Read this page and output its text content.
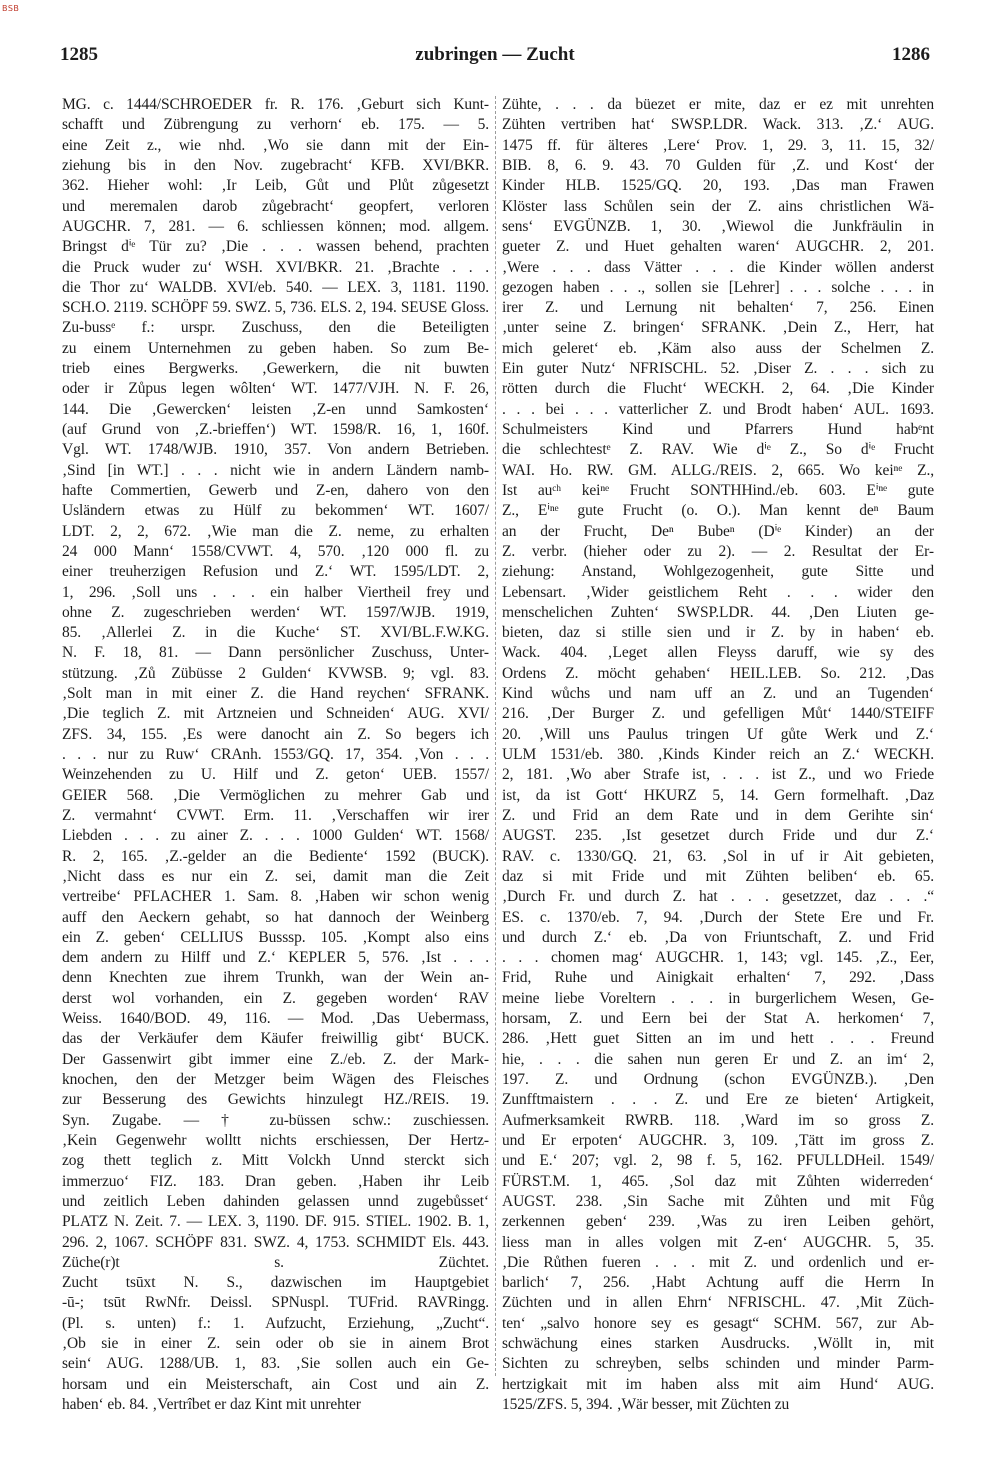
BSB
1285	zubringen — Zucht	1286
MG. c. 1444/SCHROEDER fr. R. 176. ‚Geburt sich Kunt-
schafft und Zübrengung zu verhorn‘ eb. 175. — 5.
eine Zeit z., wie nhd. ‚Wo sie dann mit der Ein-
ziehung bis in den Nov. zugebracht‘ KFB. XVI/BKR.
362. Hieher wohl: ‚Ir Leib, Gůt und Plůt zůgesetzt
und meremalen darob zůgebracht‘ geopfert, verloren
AUGCHR. 7, 281. — 6. schliessen können; mod. allgem.
Bringst dⁱᵉ Tür zu? ‚Die . . . wassen behend, prachten
die Pruck wuder zu‘ WSH. XVI/BKR. 21. ‚Brachte . . .
die Thor zu‘ WALDB. XVI/eb. 540. — LEX. 3, 1181. 1190.
SCH.O. 2119. SCHÖPF 59. SWZ. 5, 736. ELS. 2, 194. SEUSE Gloss.
Zu-bussᵉ f.: urspr. Zuschuss, den die Beteiligten
zu einem Unternehmen zu geben haben. So zum Be-
trieb eines Bergwerks. ‚Gewerkern, die nit buwten
oder ir Zůpus legen wôlten‘ WT. 1477/VJH. N. F. 26,
144. Die ‚Gewercken‘ leisten ‚Z-en unnd Samkosten‘
(auf Grund von ‚Z.-brieffen‘) WT. 1598/R. 16, 1, 160f.
Vgl. WT. 1748/WJB. 1910, 357. Von andern Betrieben.
‚Sind [in WT.] . . . nicht wie in andern Ländern namb-
hafte Commertien, Gewerb und Z-en, dahero von den
Usländern etwas zu Hülf zu bekommen‘ WT. 1607/
LDT. 2, 2, 672. ‚Wie man die Z. neme, zu erhalten
24 000 Mann‘ 1558/CVWT. 4, 570. ‚120 000 fl. zu
einer treuherzigen Refusion und Z.‘ WT. 1595/LDT. 2,
1, 296. ‚Soll uns . . . ein halber Viertheil frey und
ohne Z. zugeschrieben werden‘ WT. 1597/WJB. 1919,
85. ‚Allerlei Z. in die Kuche‘ ST. XVI/BL.F.W.KG.
N. F. 18, 81. — Dann persönlicher Zuschuss, Unter-
stützung. ‚Zů Zübüsse 2 Gulden‘ KVWSB. 9; vgl. 83.
‚Solt man in mit einer Z. die Hand reychen‘ SFRANK.
‚Die teglich Z. mit Artzneien und Schneiden‘ AUG. XVI/
ZFS. 34, 155. ‚Es were danocht ain Z. So begers ich
. . . nur zu Ruw‘ CRAnh. 1553/GQ. 17, 354. ‚Von . . .
Weinzehenden zu U. Hilf und Z. geton‘ UEB. 1557/
GEIER 568. ‚Die Vermöglichen zu mehrer Gab und
Z. vermahnt‘ CVWT. Erm. 11. ‚Verschaffen wir irer
Liebden . . . zu ainer Z. . . . 1000 Gulden‘ WT. 1568/
R. 2, 165. ‚Z.-gelder an die Bediente‘ 1592 (BUCK).
‚Nicht dass es nur ein Z. sei, damit man die Zeit
vertreibe‘ PFLACHER 1. Sam. 8. ‚Haben wir schon wenig
auff den Aeckern gehabt, so hat dannoch der Weinberg
ein Z. geben‘ CELLIUS Busssp. 105. ‚Kompt also eins
dem andern zu Hilff und Z.‘ KEPLER 5, 576. ‚Ist . . .
denn Knechten zue ihrem Trunkh, wan der Wein an-
derst wol vorhanden, ein Z. gegeben worden‘ RAV
Weiss. 1640/BOD. 49, 116. — Mod. ‚Das Uebermass,
das der Verkäufer dem Käufer freiwillig gibt‘ BUCK.
Der Gassenwirt gibt immer eine Z./eb. Z. der Mark-
knochen, den der Metzger beim Wägen des Fleisches
zur Besserung des Gewichts hinzulegt HZ./REIS. 19.
Syn. Zugabe. — † zu-büssen schw.: zuschiessen.
‚Kein Gegenwehr wolltt nichts erschiessen, Der Hertz-
zog thett teglich z. Mitt Volckh Unnd sterckt sich
immerzuo‘ FIZ. 183. Dran geben. ‚Haben ihr Leib
und zeitlich Leben dahinden gelassen unnd zugebůsset‘
PLATZ N. Zeit. 7. — LEX. 3, 1190. DF. 915. STIEL. 1902. B. 1,
296. 2, 1067. SCHÖPF 831. SWZ. 4, 1753. SCHMIDT Els. 443.
Züche(r)t s. Züchtet.
Zucht tsūxt N. S., dazwischen im Hauptgebiet
-ū-; tsūt RwNfr. Deissl. SPNuspl. TUFrid. RAVRingg.
(Pl. s. unten) f.: 1. Aufzucht, Erziehung, „Zucht“.
‚Ob sie in einer Z. sein oder ob sie in ainem Brot
sein‘ AUG. 1288/UB. 1, 83. ‚Sie sollen auch ein Ge-
horsam und ein Meisterschaft, ain Cost und ain Z.
haben‘ eb. 84. ‚Vertrîbet er daz Kint mit unrehter
Zühte, . . . da büezet er mite, daz er ez mit unrehten
Zühten vertriben hat‘ SWSP.LDR. Wack. 313. ‚Z.‘ AUG.
1475 ff. für älteres ‚Lere‘ Prov. 1, 29. 3, 11. 15, 32/
BIB. 8, 6. 9. 43. 70 Gulden für ‚Z. und Kost‘ der
Kinder HLB. 1525/GQ. 20, 193. ‚Das man Frawen
Klöster lass Schůlen sein der Z. ains christlichen Wä-
sens‘ EVGÜNZB. 1, 30. ‚Wiewol die Junkfräulin in
gueter Z. und Huet gehalten waren‘ AUGCHR. 2, 201.
‚Were . . . dass Vätter . . . die Kinder wöllen anderst
gezogen haben . . ., sollen sie [Lehrer] . . . solche . . . in
irer Z. und Lernung nit behalten‘ 7, 256. Einen
‚unter seine Z. bringen‘ SFRANK. ‚Dein Z., Herr, hat
mich geleret‘ eb. ‚Käm also auss der Schelmen Z.
Ein guter Nutz‘ NFRISCHL. 52. ‚Diser Z. . . . sich zu
rötten durch die Flucht‘ WECKH. 2, 64. ‚Die Kinder
. . . bei . . . vatterlicher Z. und Brodt haben‘ AUL. 1693.
Schulmeisters Kind und Pfarrers Hund habᵉnt
die schlechtestᵉ Z. RAV. Wie dⁱᵉ Z., So dⁱᵉ Frucht
WAI. Ho. RW. GM. ALLG./REIS. 2, 665. Wo keiⁿᵉ Z.,
Ist auᶜʰ keiⁿᵉ Frucht SONTHHind./eb. 603. Eⁱⁿᵉ gute
Z., Eⁱⁿᵉ gute Frucht (o. O.). Man kennt deⁿ Baum
an der Frucht, Deⁿ Bubeⁿ (Dⁱᵉ Kinder) an der
Z. verbr. (hieher oder zu 2). — 2. Resultat der Er-
ziehung: Anstand, Wohlgezogenheit, gute Sitte und
Lebensart. ‚Wider geistlichem Reht . . . wider den
menschelichen Zuhten‘ SWSP.LDR. 44. ‚Den Liuten ge-
bieten, daz si stille sien und ir Z. by in haben‘ eb.
Wack. 404. ‚Leget allen Fleyss daruff, wie sy des
Ordens Z. möcht gehaben‘ HEIL.LEB. So. 212. ‚Das
Kind wůchs und nam uff an Z. und an Tugenden‘
216. ‚Der Burger Z. und gefelligen Můt‘ 1440/STEIFF
20. ‚Will uns Paulus tringen Uf gůte Werk und Z.‘
ULM 1531/eb. 380. ‚Kinds Kinder reich an Z.‘ WECKH.
2, 181. ‚Wo aber Strafe ist, . . . ist Z., und wo Friede
ist, da ist Gott‘ HKURZ 5, 14. Gern formelhaft. ‚Daz
Z. und Frid an dem Rate und in dem Gerihte sin‘
AUGST. 235. ‚Ist gesetzet durch Fride und dur Z.‘
RAV. c. 1330/GQ. 21, 63. ‚Sol in uf ir Ait gebieten,
daz si mit Fride und mit Zühten beliben‘ eb. 65.
‚Durch Fr. und durch Z. hat . . . gesetzzet, daz . . .“
ES. c. 1370/eb. 7, 94. ‚Durch der Stete Ere und Fr.
und durch Z.‘ eb. ‚Da von Friuntschaft, Z. und Frid
. . . chomen mag‘ AUGCHR. 1, 143; vgl. 145. ‚Z., Eer,
Frid, Ruhe und Ainigkait erhalten‘ 7, 292. ‚Dass
meine liebe Voreltern . . . in burgerlichem Wesen, Ge-
horsam, Z. und Eern bei der Stat A. herkomen‘ 7,
286. ‚Hett guet Sitten an im und hett . . . Freund
hie, . . . die sahen nun geren Er und Z. an im‘ 2,
197. Z. und Ordnung (schon EVGÜNZB.). ‚Den
Zunfftmaistern . . . Z. und Ere ze bieten‘ Artigkeit,
Aufmerksamkeit RWRB. 118. ‚Ward im so gross Z.
und Er erpoten‘ AUGCHR. 3, 109. ‚Tätt im gross Z.
und E.‘ 207; vgl. 2, 98 f. 5, 162. PFULLDHeil. 1549/
FÜRST.M. 1, 465. ‚Sol daz mit Zůhten widerreden‘
AUGST. 238. ‚Sin Sache mit Zůhten und mit Fůg
zerkennen geben‘ 239. ‚Was zu iren Leiben gehört,
liess man in alles volgen mit Z-en‘ AUGCHR. 5, 35.
‚Die Růthen fueren . . . mit Z. und ordenlich und er-
barlich‘ 7, 256. ‚Habt Achtung auff die Herrn In
Züchten und in allen Ehrn‘ NFRISCHL. 47. ‚Mit Züch-
ten‘ „salvo honore sey es gesagt“ SCHM. 567, zur Ab-
schwächung eines starken Ausdrucks. ‚Wöllt in, mit
Sichten zu schreyben, selbs schinden und minder Parm-
hertzigkait mit im haben alss mit aim Hund‘ AUG.
1525/ZFS. 5, 394. ‚Wär besser, mit Züchten zu
